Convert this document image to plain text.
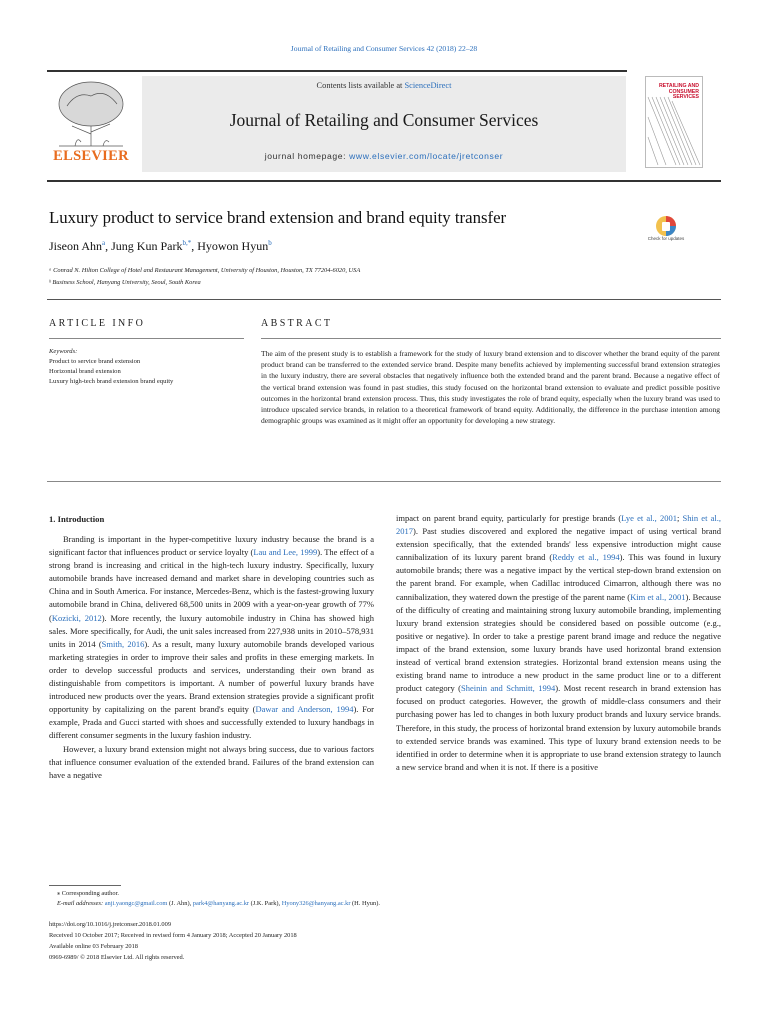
Journal of Retailing and Consumer Services 42 (2018) 22–28
ELSEVIER
Contents lists available at ScienceDirect
Journal of Retailing and Consumer Services
journal homepage: www.elsevier.com/locate/jretconser
RETAILING AND CONSUMER SERVICES
Luxury product to service brand extension and brand equity transfer
Check for updates
Jiseon Ahn$^a$, Jung Kun Park$^{b,*}$, Hyowon Hyun$^b$
ᵃ Conrad N. Hilton College of Hotel and Restaurant Management, University of Houston, Houston, TX 77204-6020, USA
ᵇ Business School, Hanyang University, Seoul, South Korea
ARTICLE INFO
Keywords:
Product to service brand extension
Horizontal brand extension
Luxury high-tech brand extension brand equity
ABSTRACT
The aim of the present study is to establish a framework for the study of luxury brand extension and to discover whether the brand equity of the parent product brand can be transferred to the extended service brand. Despite many benefits achieved by implementing successful brand extension strategies in the luxury industry, there are several obstacles that negatively influence both the extended brand and the parent brand. Because a negative effect of the vertical brand extension was found in past studies, this study focused on the horizontal brand extension to evaluate and predict possible positive outcomes in the horizontal brand extension process. Thus, this study investigates the role of brand equity, especially when the luxury brand was used to introduce upscaled service brands, in relation to a theoretical framework of brand equity. Additionally, the difference in the purchase intention among demographic groups was examined as it might offer an opportunity for developing a new strategy.
1. Introduction

Branding is important in the hyper-competitive luxury industry because the brand is a significant factor that influences product or service loyalty (Lau and Lee, 1999). The effect of a strong brand is increasing and critical in the high-tech luxury industry. Specifically, luxury automobile brands have increased demand and market share in developing countries such as China and in South America. For instance, Mercedes-Benz, which is the fastest-growing luxury automobile brand in China, delivered 68,500 units in 2009 with a year-on-year growth of 77% (Kozicki, 2012). More recently, the luxury automobile industry in China has showed high sales. More specifically, for Audi, the unit sales increased from 227,938 units in 2010–578,931 units in 2014 (Smith, 2016). As a result, many luxury automobile brands developed various marketing strategies in order to improve their sales and profits in these emerging markets. In order to develop successful products and services, understanding their own brand as distinguishable from competitors is important. A number of powerful luxury brands have introduced new products over the years. Brand extension strategies provide a significant profit opportunity by capitalizing on the parent brand's equity (Dawar and Anderson, 1994). For example, Prada and Gucci started with shoes and successfully extended to luxury handbags in different consumer segments in the luxury fashion industry.

However, a luxury brand extension might not always bring success, due to various factors that influence consumer evaluation of the extended brand. Failures of the brand extension can have a negative

impact on parent brand equity, particularly for prestige brands (Lye et al., 2001; Shin et al., 2017). Past studies discovered and explored the negative impact of using vertical brand extension specifically, that the extended brands' less expensive introduction might cause cannibalization of its luxury parent brand (Reddy et al., 1994). This was found in luxury automobile brands; there was a negative impact by the vertical step-down brand extension on the parent brand. For example, when Cadillac introduced Cimarron, although there was no cannibalization, they watered down the prestige of the parent name (Kim et al., 2001). Because of the difficulty of creating and maintaining strong luxury automobile branding, implementing luxury brand extension strategies should be considered based on possible outcome (e.g., positive or negative). In order to take a prestige parent brand image and reduce the negative impact of the brand extension, some luxury brands have used horizontal brand extension instead of vertical brand extension strategies. Horizontal brand extension means using the existing brand name to introduce a new product in the same product line or to a different product category (Sheinin and Schmitt, 1994). Most recent research in brand extension has focused on product categories. However, the growth of middle-class consumers and their purchasing power has led to changes in both luxury product brands and luxury service brands. Therefore, in this study, the process of horizontal brand extension by luxury automobile brands to extended service brands was examined. This type of luxury brand extension needs to be identified in order to determine when it is appropriate to use brand extension strategy to launch a new service brand and when it is not. If there is a positive

⁎ Corresponding author.
E-mail addresses: anji.yaongc@gmail.com (J. Ahn), park4@hanyang.ac.kr (J.K. Park), Hyony326@hanyang.ac.kr (H. Hyun).
https://doi.org/10.1016/j.jretconser.2018.01.009
Received 10 October 2017; Received in revised form 4 January 2018; Accepted 20 January 2018
Available online 03 February 2018
0969-6989/ © 2018 Elsevier Ltd. All rights reserved.
